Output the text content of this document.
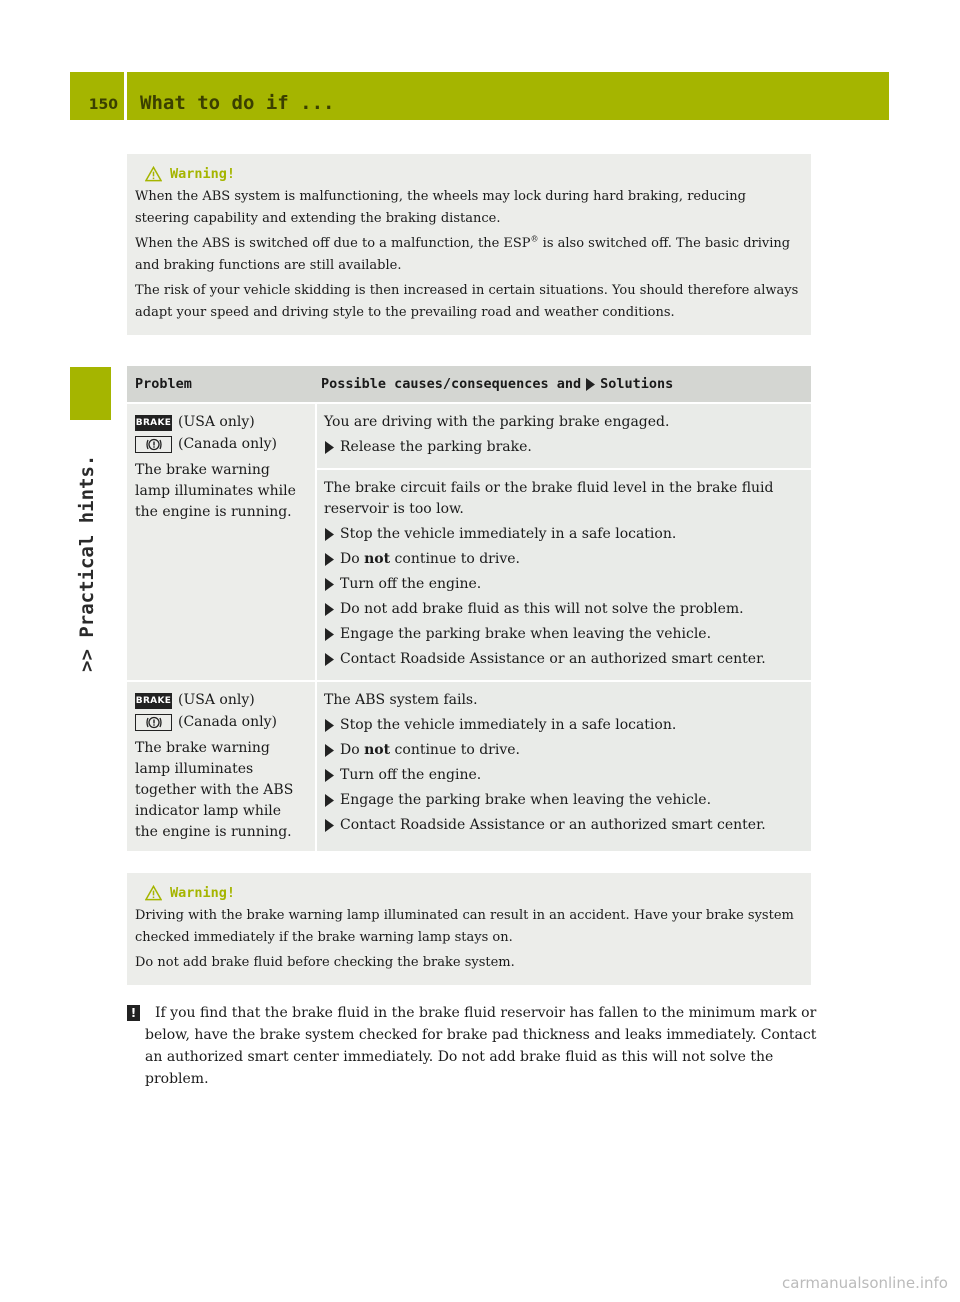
150 What to do if ...
>> Practical hints.
Warning!

When the ABS system is malfunctioning, the wheels may lock during hard braking, reducing steering capability and extending the braking distance.

When the ABS is switched off due to a malfunction, the ESP® is also switched off. The basic driving and braking functions are still available.

The risk of your vehicle skidding is then increased in certain situations. You should therefore always adapt your speed and driving style to the prevailing road and weather conditions.

Problem	Possible causes/consequences and Solutions
BRAKE (USA only)
(Canada only)

The brake warning lamp illuminates while the engine is running.

You are driving with the parking brake engaged.

Release the parking brake.

The brake circuit fails or the brake fluid level in the brake fluid reservoir is too low.

Stop the vehicle immediately in a safe location.
Do not continue to drive.
Turn off the engine.
Do not add brake fluid as this will not solve the problem.
Engage the parking brake when leaving the vehicle.
Contact Roadside Assistance or an authorized smart center.
BRAKE (USA only)
(Canada only)

The brake warning lamp illuminates together with the ABS indicator lamp while the engine is running.

The ABS system fails.

Stop the vehicle immediately in a safe location.
Do not continue to drive.
Turn off the engine.
Engage the parking brake when leaving the vehicle.
Contact Roadside Assistance or an authorized smart center.
Warning!

Driving with the brake warning lamp illuminated can result in an accident. Have your brake system checked immediately if the brake warning lamp stays on.

Do not add brake fluid before checking the brake system.

!	If you find that the brake fluid in the brake fluid reservoir has fallen to the minimum mark or below, have the brake system checked for brake pad thickness and leaks immediately. Contact an authorized smart center immediately. Do not add brake fluid as this will not solve the problem.

carmanualsonline.info
